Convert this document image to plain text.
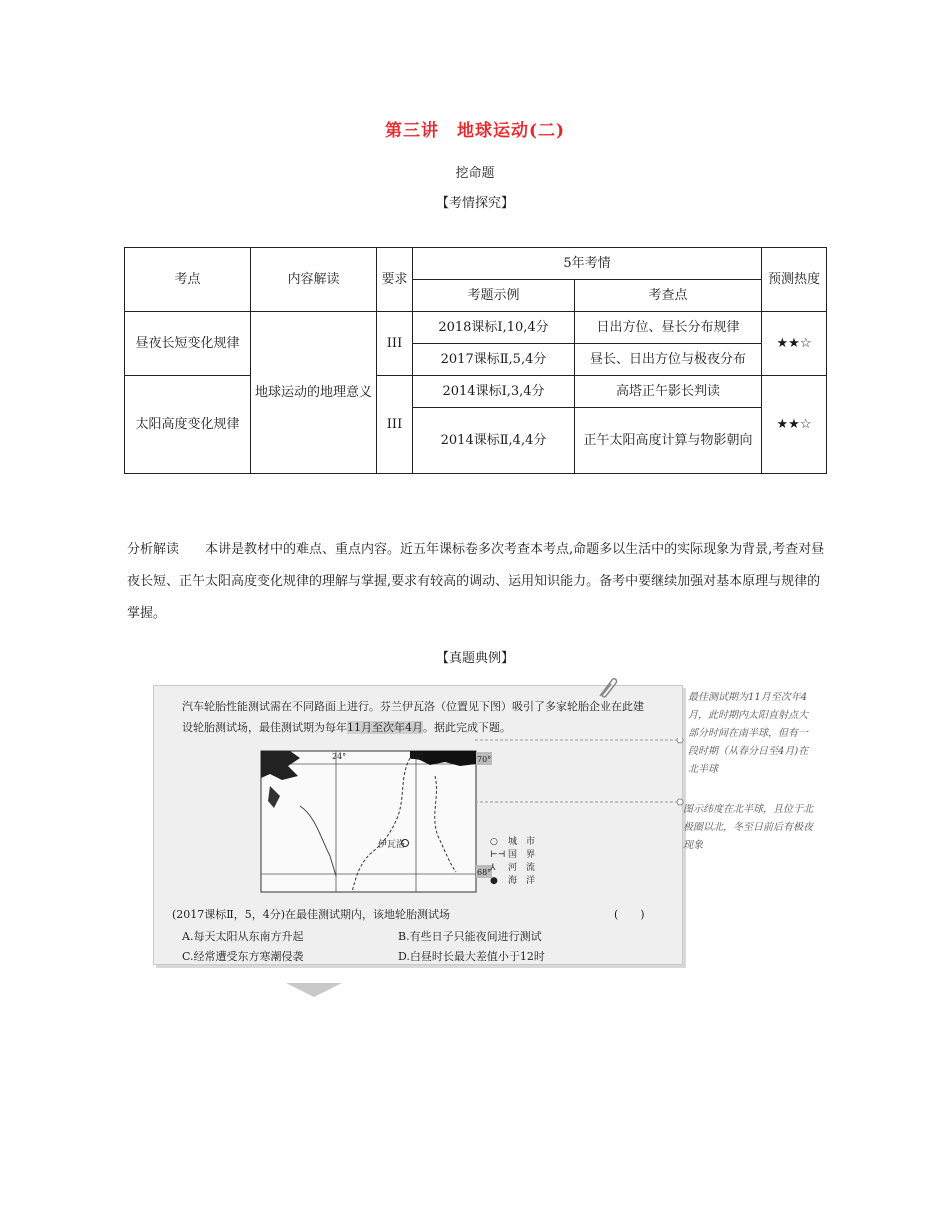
第三讲　地球运动(二)
挖命题
【考情探究】
考点	内容解读	要求	5年考情		预测热度
			考题示例	考查点	
昼夜长短变化规律	地球运动的地理意义	III	2018课标Ⅰ,10,4分	日出方位、昼长分布规律	★★☆
			2017课标Ⅱ,5,4分	昼长、日出方位与极夜分布	
太阳高度变化规律		III	2014课标Ⅰ,3,4分	高塔正午影长判读	★★☆
			2014课标Ⅱ,4,4分	正午太阳高度计算与物影朝向	
分析解读 本讲是教材中的难点、重点内容。近五年课标卷多次考查本考点,命题多以生活中的实际现象为背景,考查对昼夜长短、正午太阳高度变化规律的理解与掌握,要求有较高的调动、运用知识能力。备考中要继续加强对基本原理与规律的掌握。
【真题典例】
汽车轮胎性能测试需在不同路面上进行。芬兰伊瓦洛（位置见下图）吸引了多家轮胎企业在此建设轮胎测试场，最佳测试期为每年11月至次年4月。据此完成下题。
伊瓦洛
24°	28°	70°
68°
○ 城　市
⊢⊣ 国　界
⅄ 河　流
● 海　洋
(2017课标Ⅱ，5，4分)在最佳测试期内，该地轮胎测试场	(　　)
A.每天太阳从东南方升起	B.有些日子只能夜间进行测试
C.经常遭受东方寒潮侵袭	D.白昼时长最大差值小于12时
最佳测试期为11月至次年4月，此时期内太阳直射点大部分时间在南半球，但有一段时期（从春分日至4月)在北半球
图示纬度在北半球，且位于北极圈以北，冬至日前后有极夜现象
